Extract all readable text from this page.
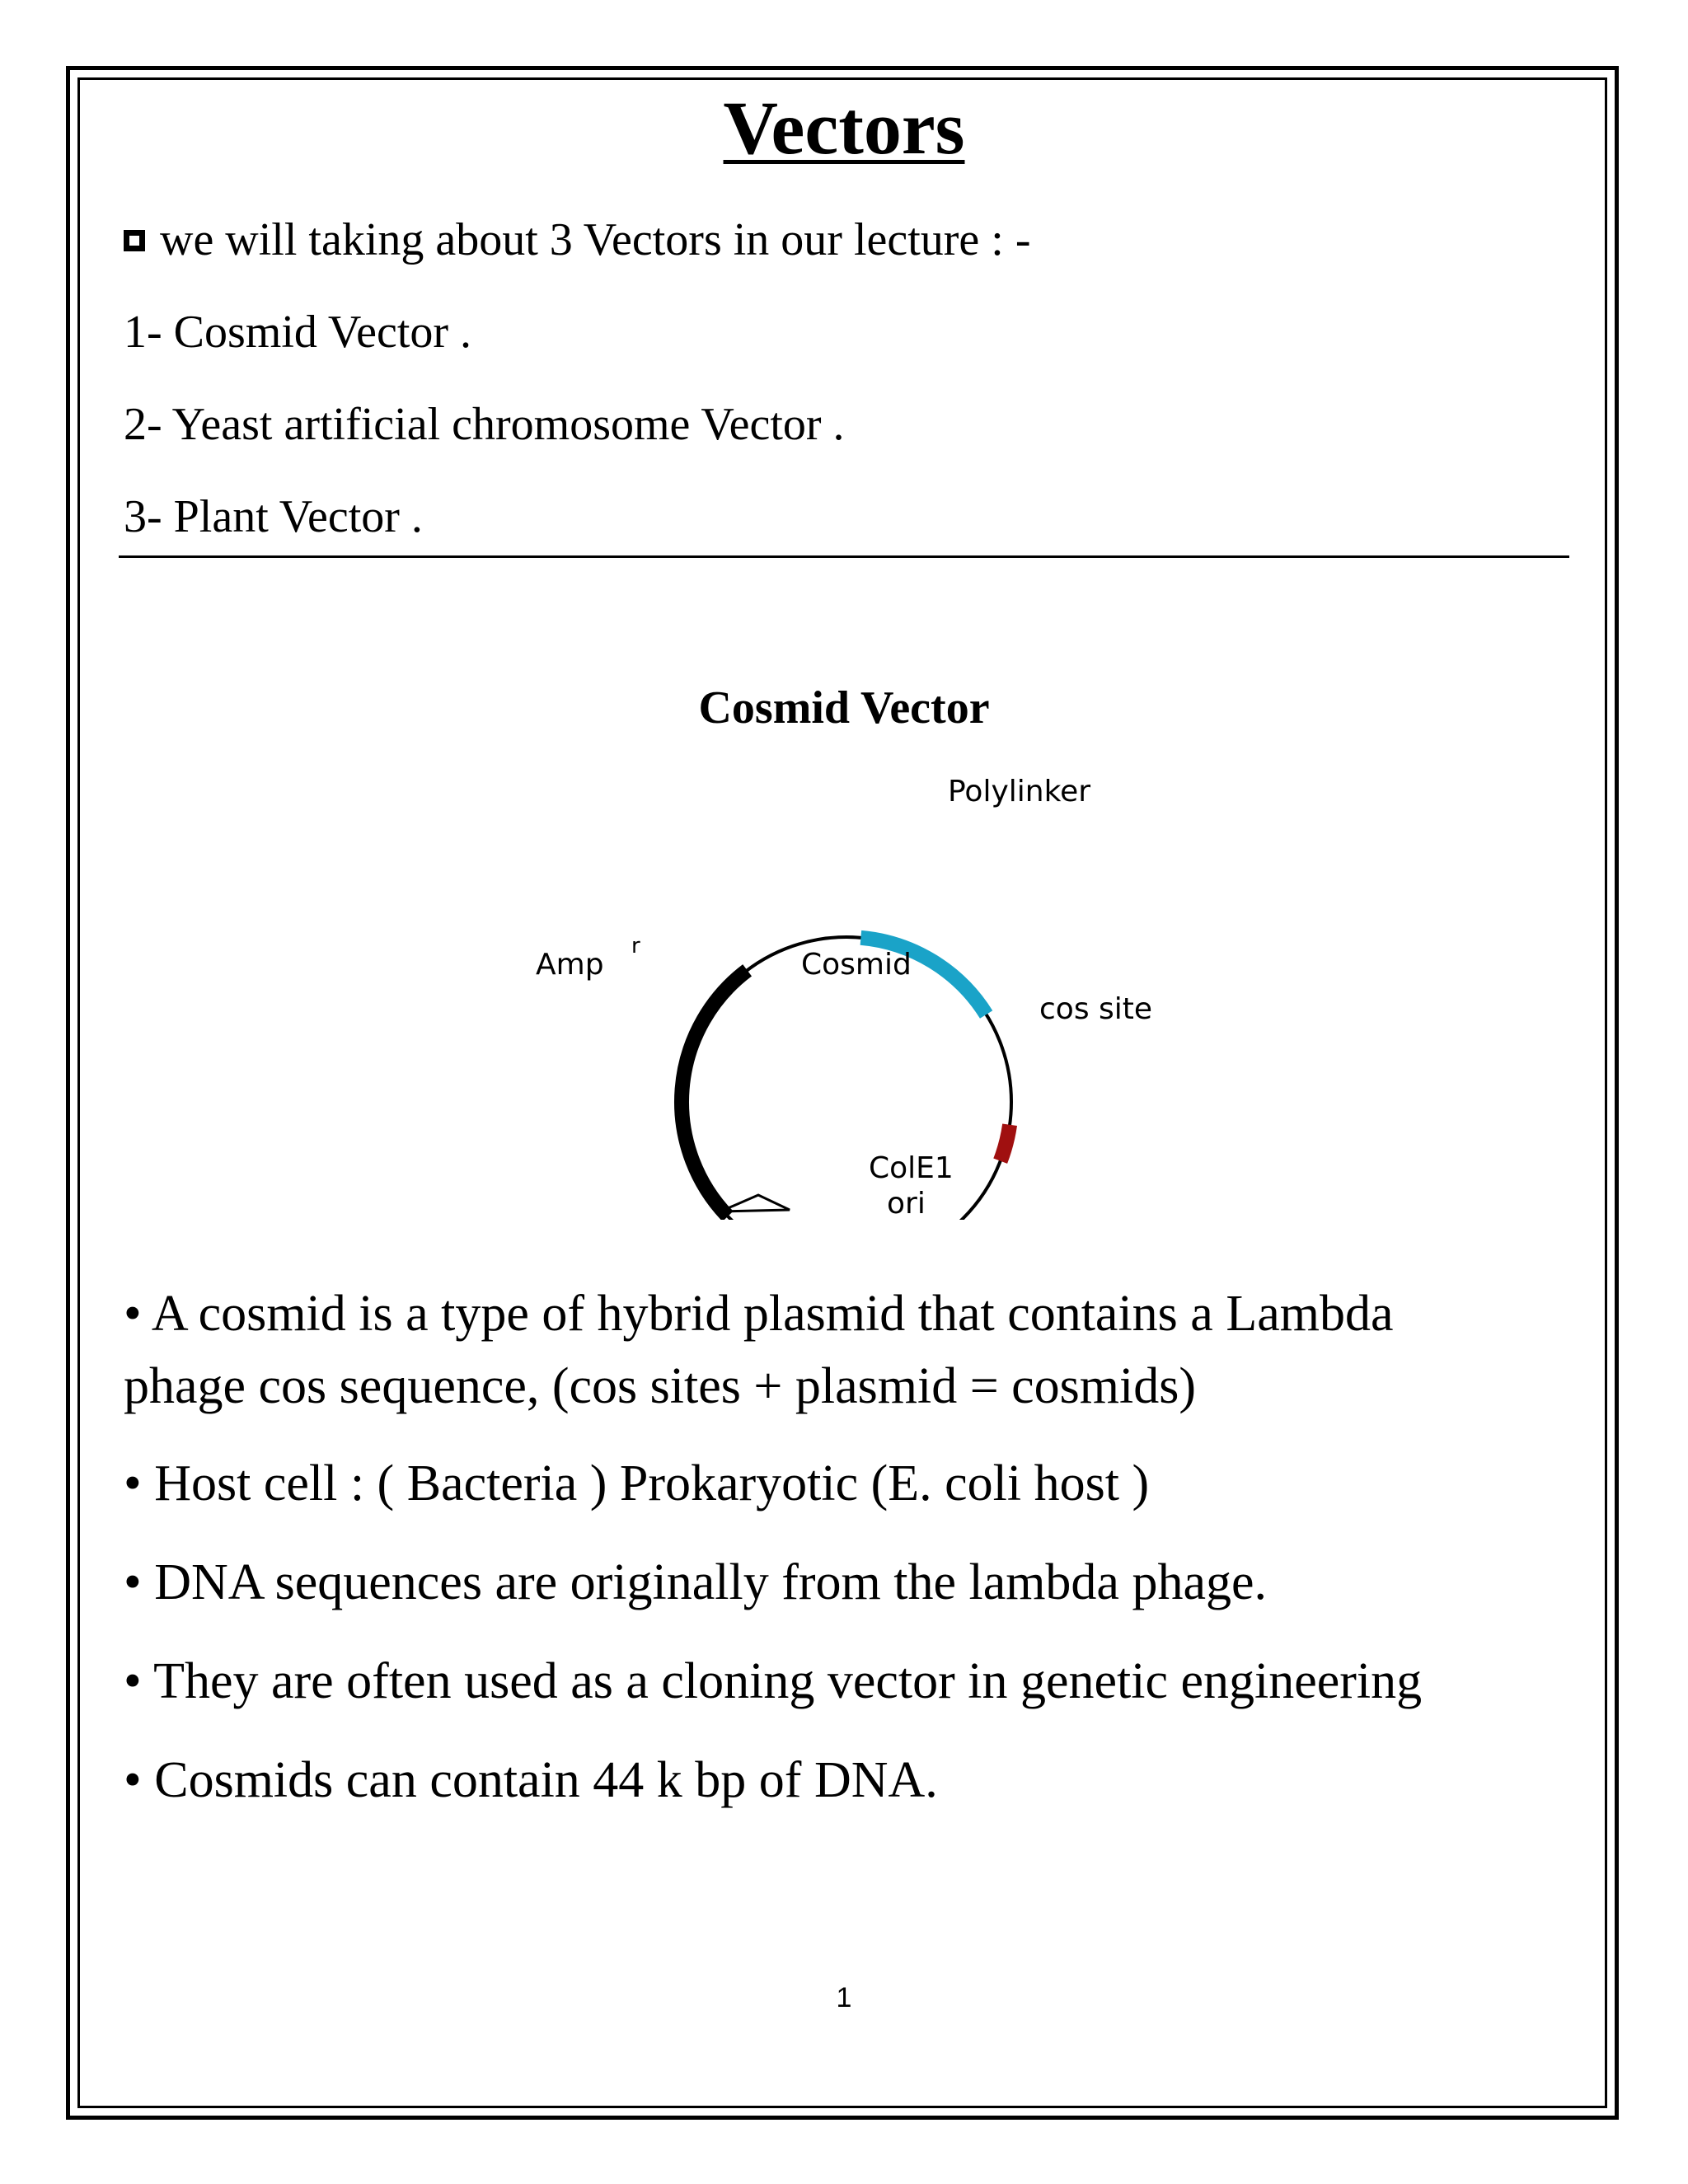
Vectors
we will taking about 3 Vectors in our lecture : -
1- Cosmid Vector .
2- Yeast artificial chromosome Vector .
3- Plant Vector .
Cosmid Vector
Cosmid
Polylinker
Amp
r
cos site
ColE1
ori
• A cosmid is a type of hybrid plasmid that contains a Lambda
phage cos sequence, (cos sites + plasmid = cosmids)
• Host cell : ( Bacteria ) Prokaryotic (E. coli host )
• DNA sequences are originally from the lambda phage.
• They are often used as a cloning vector in genetic engineering
• Cosmids can contain 44 k bp of DNA.
1
